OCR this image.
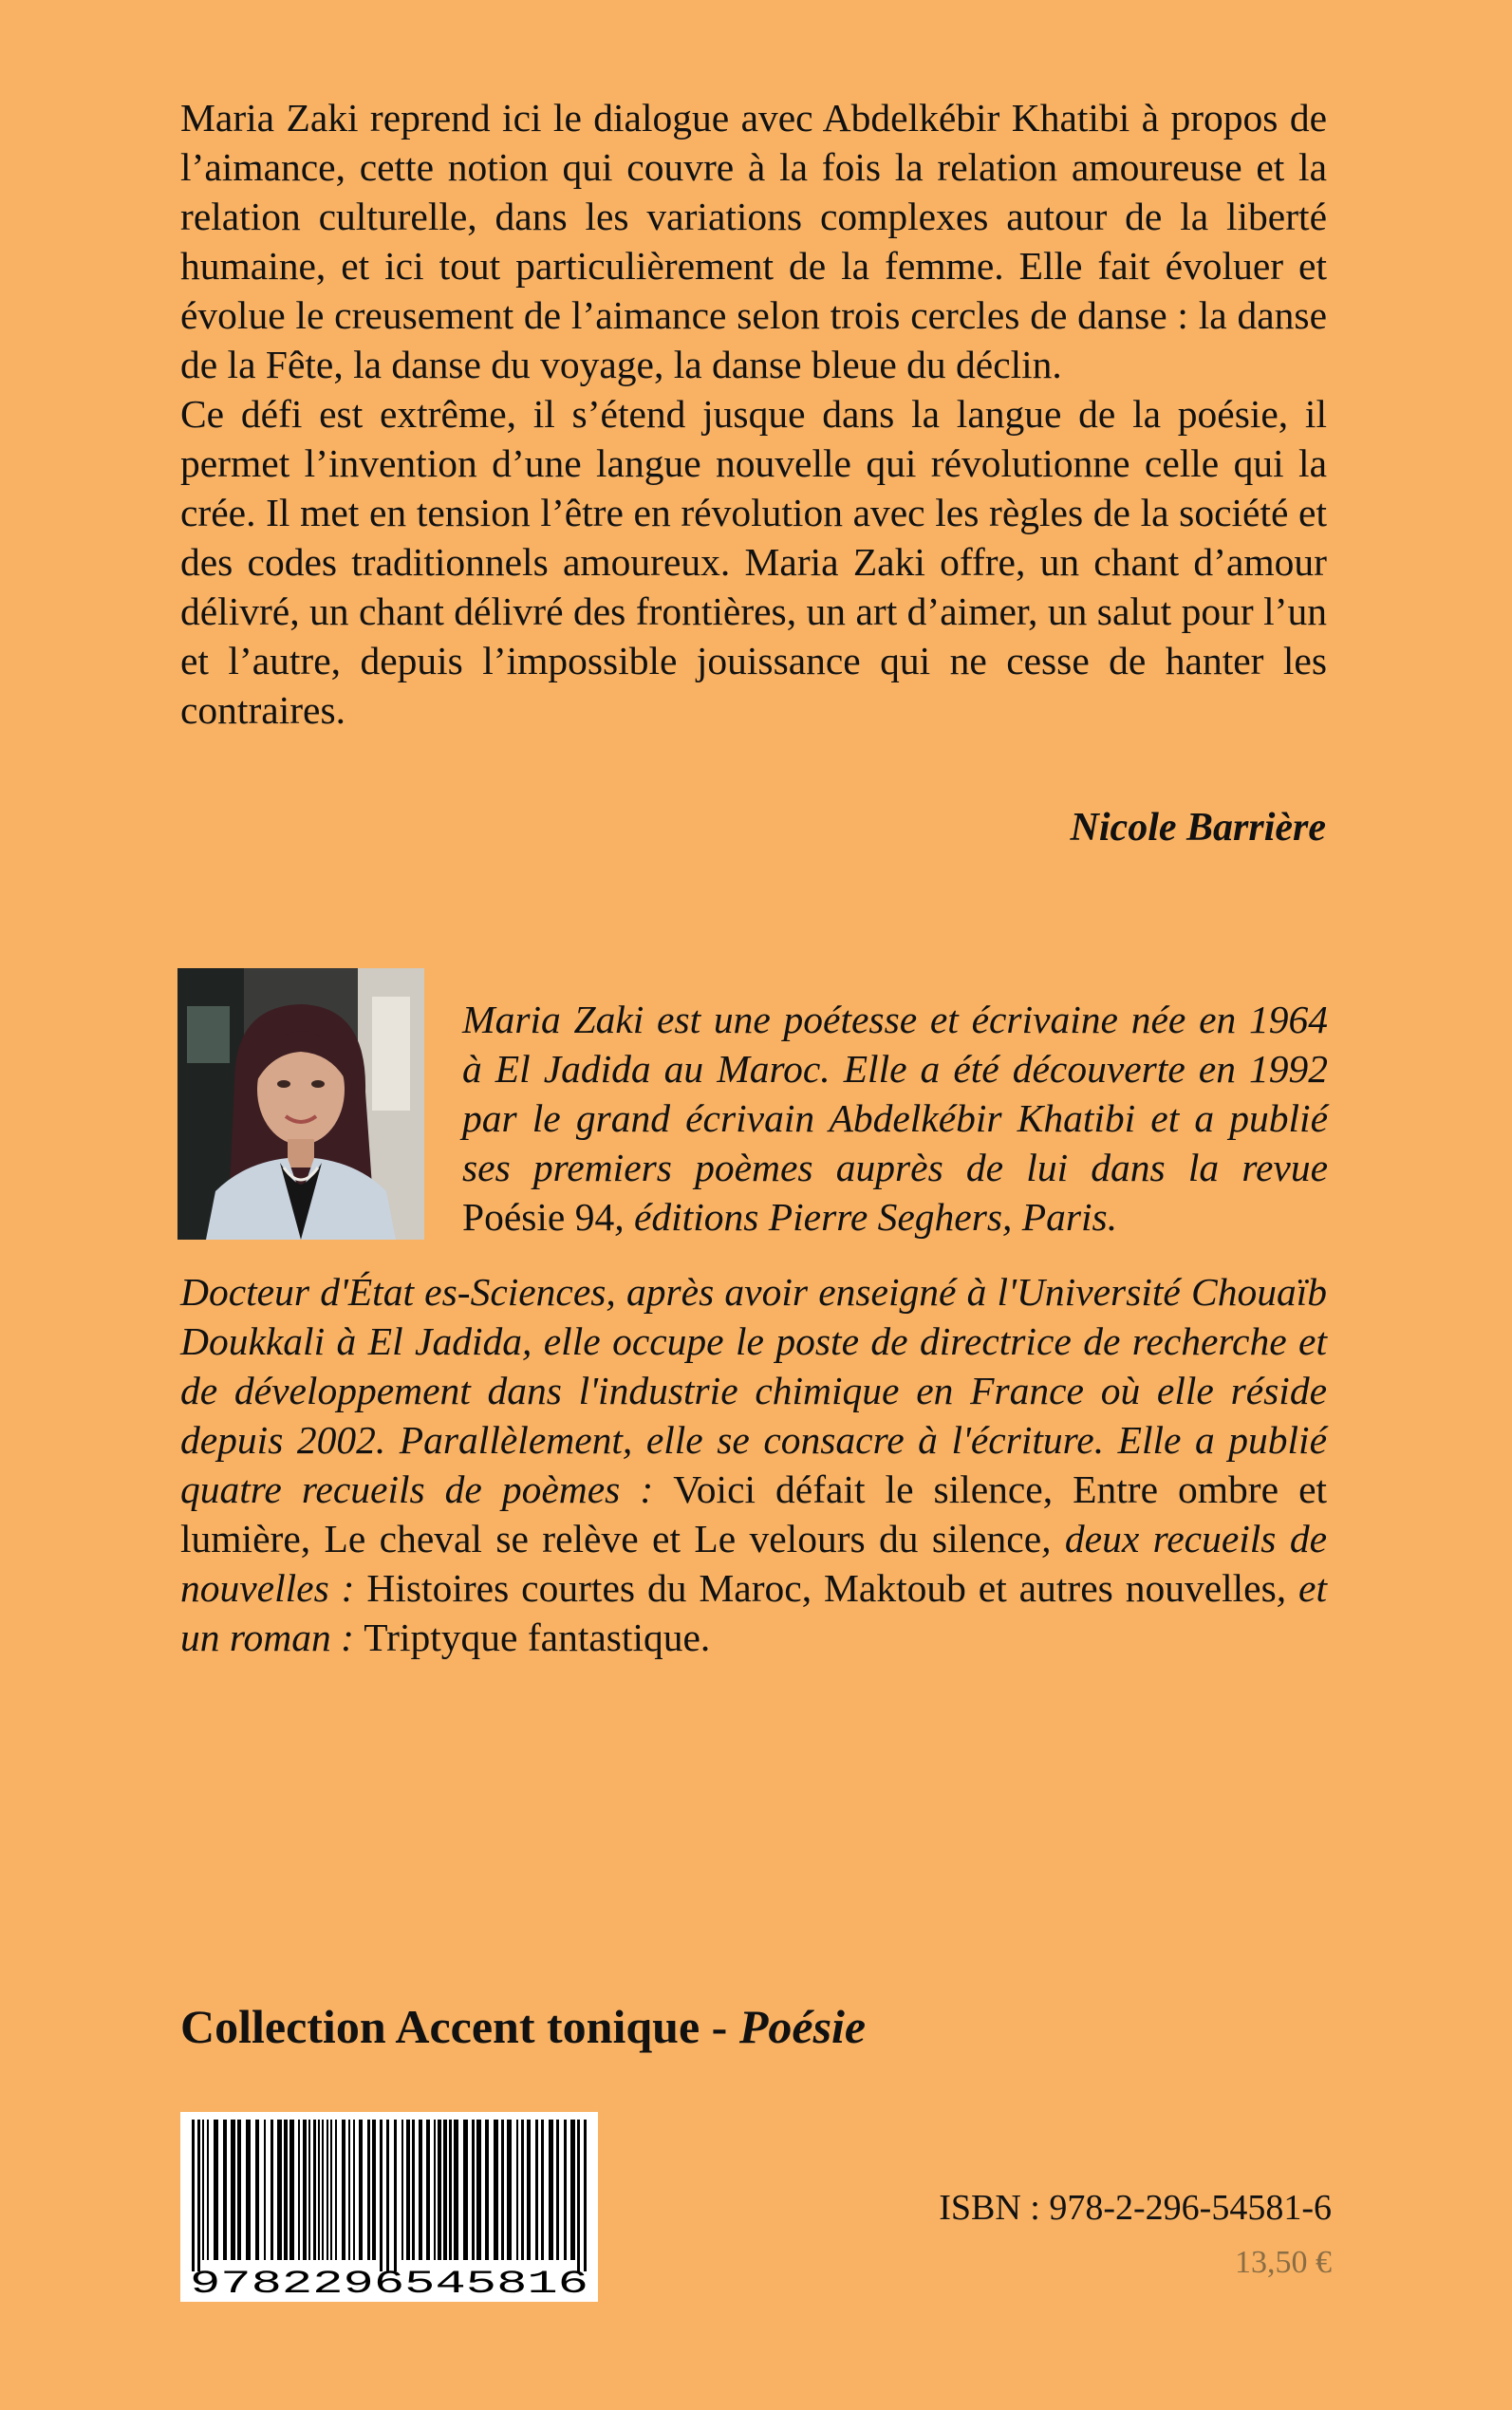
Maria Zaki reprend ici le dialogue avec Abdelkébir Khatibi à propos de l’aimance, cette notion qui couvre à la fois la relation amoureuse et la relation culturelle, dans les variations complexes autour de la liberté humaine, et ici tout particulièrement de la femme. Elle fait évoluer et évolue le creusement de l’aimance selon trois cercles de danse : la danse de la Fête, la danse du voyage, la danse bleue du déclin.

Ce défi est extrême, il s’étend jusque dans la langue de la poésie, il permet l’invention d’une langue nouvelle qui révolutionne celle qui la crée. Il met en tension l’être en révolution avec les règles de la société et des codes traditionnels amoureux. Maria Zaki offre, un chant d’amour délivré, un chant délivré des frontières, un art d’aimer, un salut pour l’un et l’autre, depuis l’impossible jouissance qui ne cesse de hanter les contraires.

Nicole Barrière
Maria Zaki est une poétesse et écrivaine née en 1964 à El Jadida au Maroc. Elle a été découverte en 1992 par le grand écrivain Abdelkébir Khatibi et a publié ses premiers poèmes auprès de lui dans la revue Poésie 94, éditions Pierre Seghers, Paris.
Docteur d'État es-Sciences, après avoir enseigné à l'Université Chouaïb Doukkali à El Jadida, elle occupe le poste de directrice de recherche et de développement dans l'industrie chimique en France où elle réside depuis 2002. Parallèlement, elle se consacre à l'écriture. Elle a publié quatre recueils de poèmes : Voici défait le silence, Entre ombre et lumière, Le cheval se relève et Le velours du silence, deux recueils de nouvelles : Histoires courtes du Maroc, Maktoub et autres nouvelles, et un roman : Triptyque fantastique.
Collection Accent tonique - Poésie
9782296545816
ISBN : 978-2-296-54581-6
13,50 €
